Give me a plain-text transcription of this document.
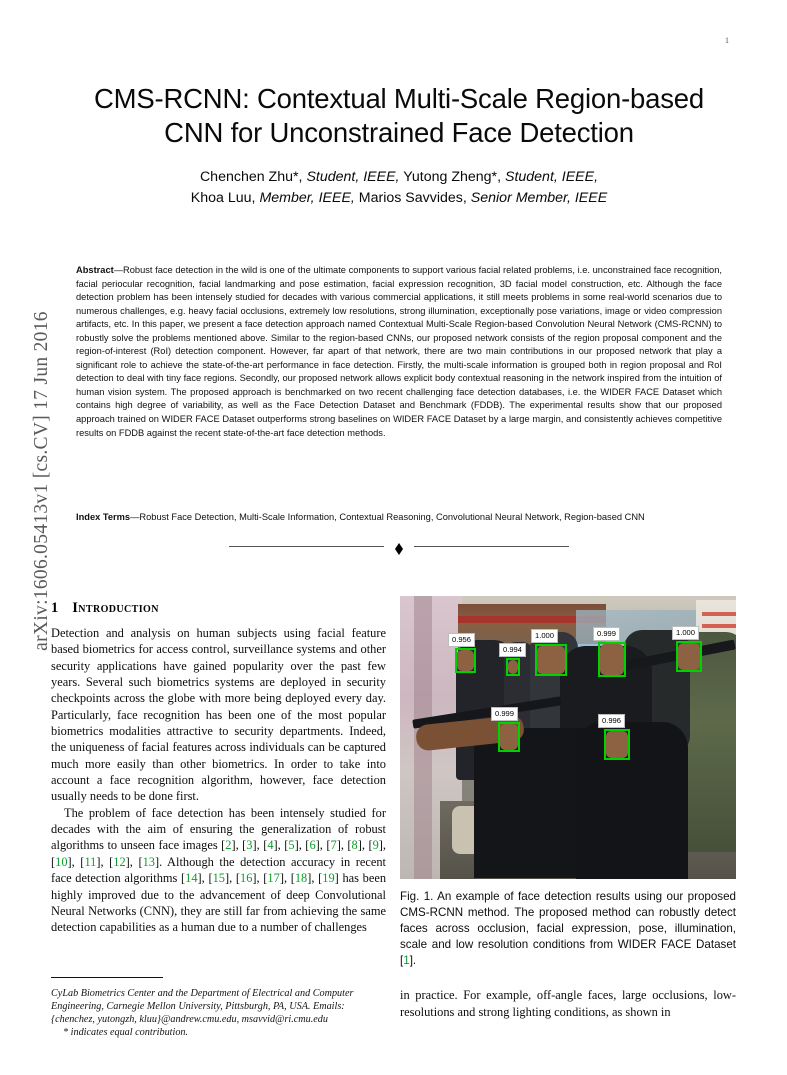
1
arXiv:1606.05413v1 [cs.CV] 17 Jun 2016
CMS-RCNN: Contextual Multi-Scale Region-based CNN for Unconstrained Face Detection
Chenchen Zhu*, Student, IEEE, Yutong Zheng*, Student, IEEE,
Khoa Luu, Member, IEEE, Marios Savvides, Senior Member, IEEE
Abstract—Robust face detection in the wild is one of the ultimate components to support various facial related problems, i.e. unconstrained face recognition, facial periocular recognition, facial landmarking and pose estimation, facial expression recognition, 3D facial model construction, etc. Although the face detection problem has been intensely studied for decades with various commercial applications, it still meets problems in some real-world scenarios due to numerous challenges, e.g. heavy facial occlusions, extremely low resolutions, strong illumination, exceptionally pose variations, image or video compression artifacts, etc. In this paper, we present a face detection approach named Contextual Multi-Scale Region-based Convolution Neural Network (CMS-RCNN) to robustly solve the problems mentioned above. Similar to the region-based CNNs, our proposed network consists of the region proposal component and the region-of-interest (RoI) detection component. However, far apart of that network, there are two main contributions in our proposed network that play a significant role to achieve the state-of-the-art performance in face detection. Firstly, the multi-scale information is grouped both in region proposal and RoI detection to deal with tiny face regions. Secondly, our proposed network allows explicit body contextual reasoning in the network inspired from the intuition of human vision system. The proposed approach is benchmarked on two recent challenging face detection databases, i.e. the WIDER FACE Dataset which contains high degree of variability, as well as the Face Detection Dataset and Benchmark (FDDB). The experimental results show that our proposed approach trained on WIDER FACE Dataset outperforms strong baselines on WIDER FACE Dataset by a large margin, and consistently achieves competitive results on FDDB against the recent state-of-the-art face detection methods.
Index Terms—Robust Face Detection, Multi-Scale Information, Contextual Reasoning, Convolutional Neural Network, Region-based CNN
1 Introduction

Detection and analysis on human subjects using facial feature based biometrics for access control, surveillance systems and other security applications have gained popularity over the past few years. Several such biometrics systems are deployed in security checkpoints across the globe with more being deployed every day. Particularly, face recognition has been one of the most popular biometrics modalities attractive to security departments. Indeed, the uniqueness of facial features across individuals can be captured much more easily than other biometrics. In order to take into account a face recognition algorithm, however, face detection usually needs to be done first.

The problem of face detection has been intensely studied for decades with the aim of ensuring the generalization of robust algorithms to unseen face images [2], [3], [4], [5], [6], [7], [8], [9], [10], [11], [12], [13]. Although the detection accuracy in recent face detection algorithms [14], [15], [16], [17], [18], [19] has been highly improved due to the advancement of deep Convolutional Neural Networks (CNN), they are still far from achieving the same detection capabilities as a human due to a number of challenges

CyLab Biometrics Center and the Department of Electrical and Computer Engineering, Carnegie Mellon University, Pittsburgh, PA, USA. Emails: {chenchez, yutongzh, kluu}@andrew.cmu.edu, msavvid@ri.cmu.edu
* indicates equal contribution.
0.956
0.994
1.000	0.999	1.000
0.999
0.996
Fig. 1. An example of face detection results using our proposed CMS-RCNN method. The proposed method can robustly detect faces across occlusion, facial expression, pose, illumination, scale and low resolution conditions from WIDER FACE Dataset [1].

in practice. For example, off-angle faces, large occlusions, low-resolutions and strong lighting conditions, as shown in
